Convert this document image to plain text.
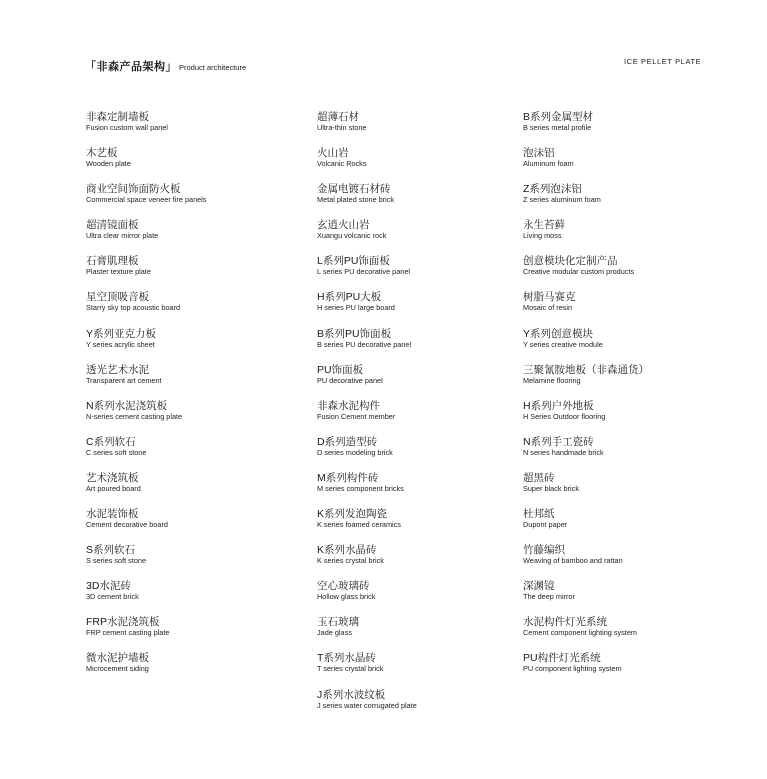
「非森产品架构」 Product architecture
ICE PELLET PLATE
非森定制墙板
Fusion custom wall panel
木艺板
Wooden plate
商业空间饰面防火板
Commercial space veneer fire panels
超清镜面板
Ultra clear mirror plate
石膏肌理板
Plaster texture plate
星空顶吸音板
Starry sky top acoustic board
Y系列亚克力板
Y series acrylic sheet
透光艺术水泥
Transparent art cement
N系列水泥浇筑板
N-series cement casting plate
C系列软石
C series soft stone
艺术浇筑板
Art poured board
水泥装饰板
Cement decorative board
S系列软石
S series soft stone
3D水泥砖
3D cement brick
FRP水泥浇筑板
FRP cement casting plate
微水泥护墙板
Microcement siding
超薄石材
Ultra-thin stone
火山岩
Volcanic Rocks
金属电镀石材砖
Metal plated stone brick
玄逍火山岩
Xuangu volcanic rock
L系列PU饰面板
L series PU decorative panel
H系列PU大板
H series PU large board
B系列PU饰面板
B series PU decorative panel
PU饰面板
PU decorative panel
非森水泥构件
Fusion Cement member
D系列造型砖
D series modeling brick
M系列构件砖
M series component bricks
K系列发泡陶瓷
K series foamed ceramics
K系列水晶砖
K series crystal brick
空心玻璃砖
Hollow glass brick
玉石玻璃
Jade glass
T系列水晶砖
T series crystal brick
J系列水波纹板
J series water corrugated plate
B系列金属型材
B series metal profile
泡沫铝
Aluminum foam
Z系列泡沫铝
Z series aluminum foam
永生苔藓
Living moss
创意模块化定制产品
Creative modular custom products
树脂马赛克
Mosaic of resin
Y系列创意模块
Y series creative module
三聚氰胺地板（非森通货）
Melamine flooring
H系列户外地板
H Series Outdoor flooring
N系列手工瓷砖
N series handmade brick
超黑砖
Super black brick
杜邦纸
Dupont paper
竹藤编织
Weaving of bamboo and rattan
深渊镜
The deep mirror
水泥构件灯光系统
Cement component lighting system
PU构件灯光系统
PU component lighting system
